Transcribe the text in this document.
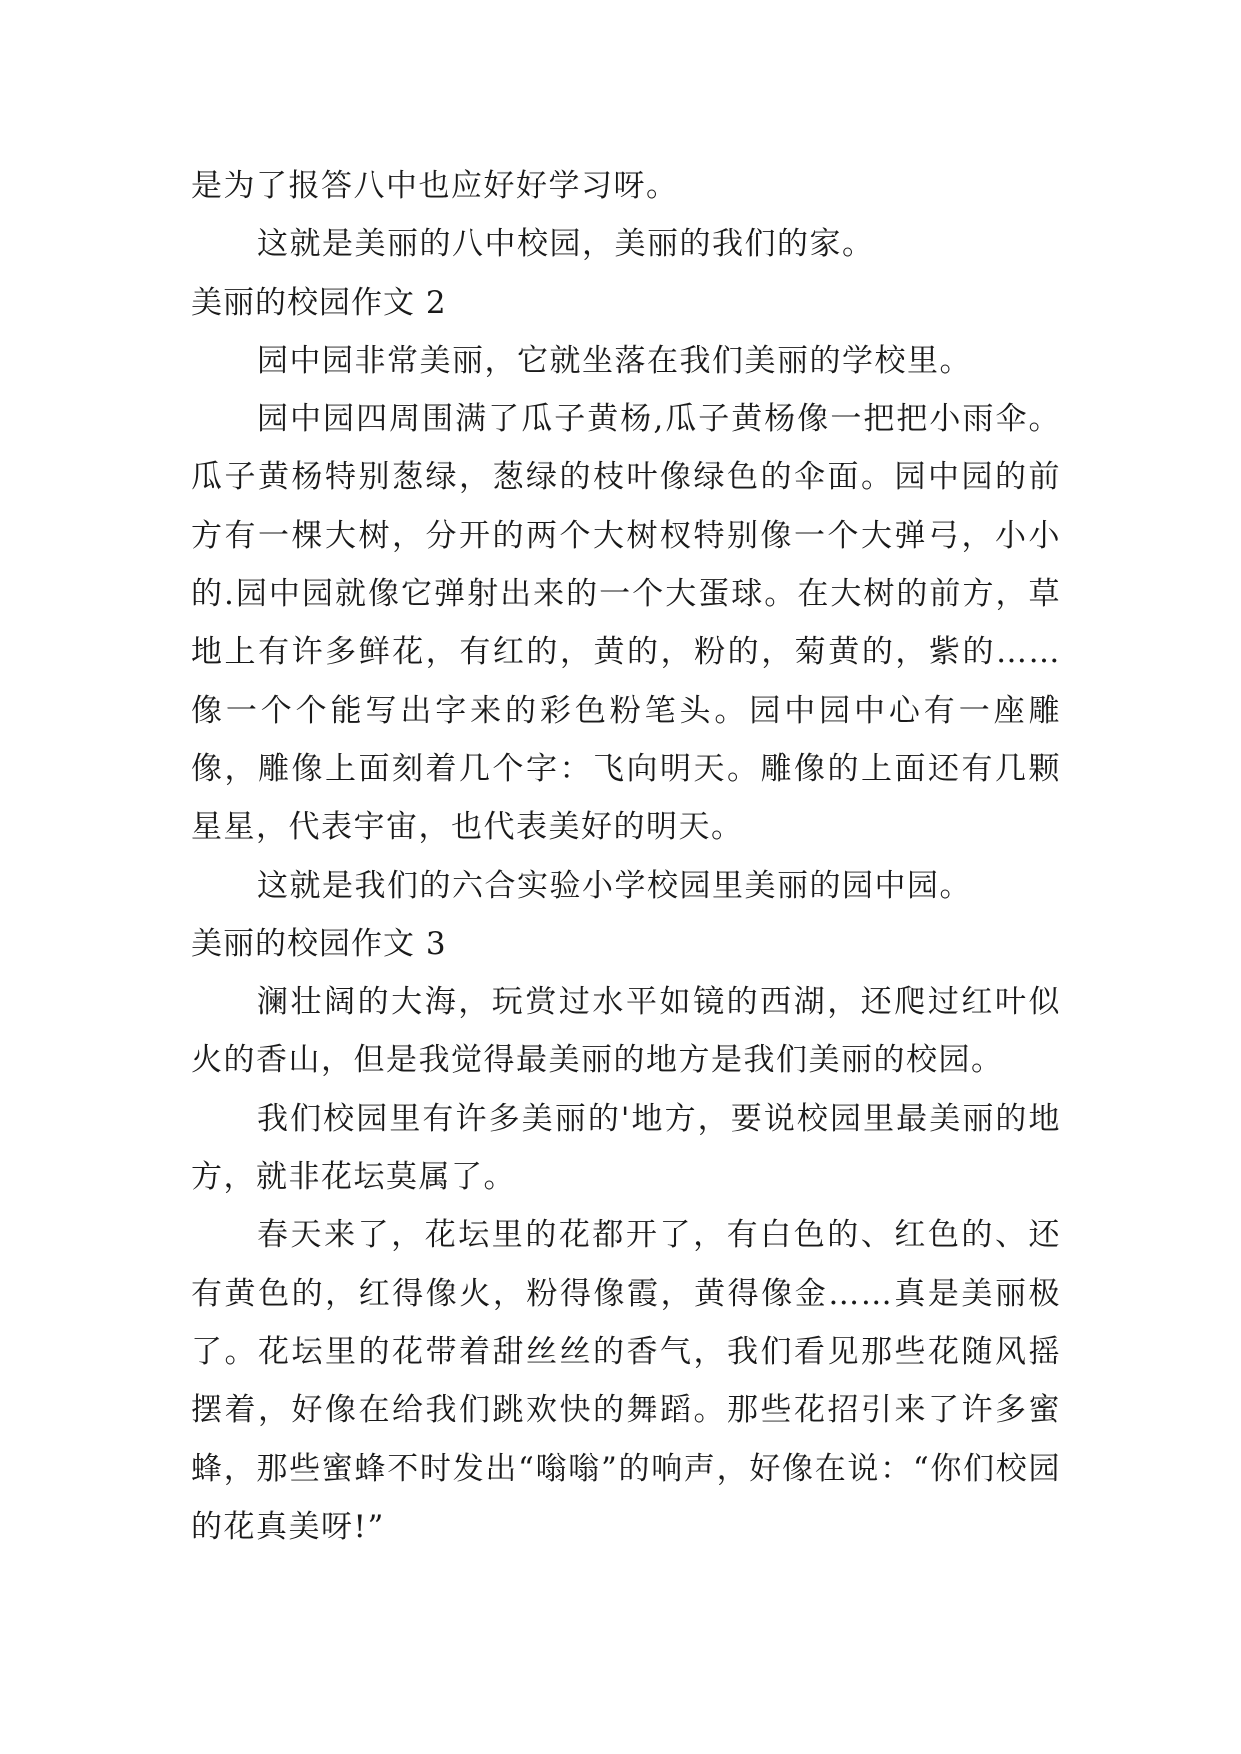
是为了报答八中也应好好学习呀。

这就是美丽的八中校园，美丽的我们的家。

美丽的校园作文 2

园中园非常美丽，它就坐落在我们美丽的学校里。

园中园四周围满了瓜子黄杨,瓜子黄杨像一把把小雨伞。瓜子黄杨特别葱绿，葱绿的枝叶像绿色的伞面。园中园的前方有一棵大树，分开的两个大树杈特别像一个大弹弓，小小的.园中园就像它弹射出来的一个大蛋球。在大树的前方，草地上有许多鲜花，有红的，黄的，粉的，菊黄的，紫的……像一个个能写出字来的彩色粉笔头。园中园中心有一座雕像，雕像上面刻着几个字：飞向明天。雕像的上面还有几颗星星，代表宇宙，也代表美好的明天。

这就是我们的六合实验小学校园里美丽的园中园。

美丽的校园作文 3

澜壮阔的大海，玩赏过水平如镜的西湖，还爬过红叶似火的香山，但是我觉得最美丽的地方是我们美丽的校园。

我们校园里有许多美丽的'地方，要说校园里最美丽的地方，就非花坛莫属了。

春天来了，花坛里的花都开了，有白色的、红色的、还有黄色的，红得像火，粉得像霞，黄得像金……真是美丽极了。花坛里的花带着甜丝丝的香气，我们看见那些花随风摇摆着，好像在给我们跳欢快的舞蹈。那些花招引来了许多蜜蜂，那些蜜蜂不时发出“嗡嗡”的响声，好像在说：“你们校园的花真美呀!”
